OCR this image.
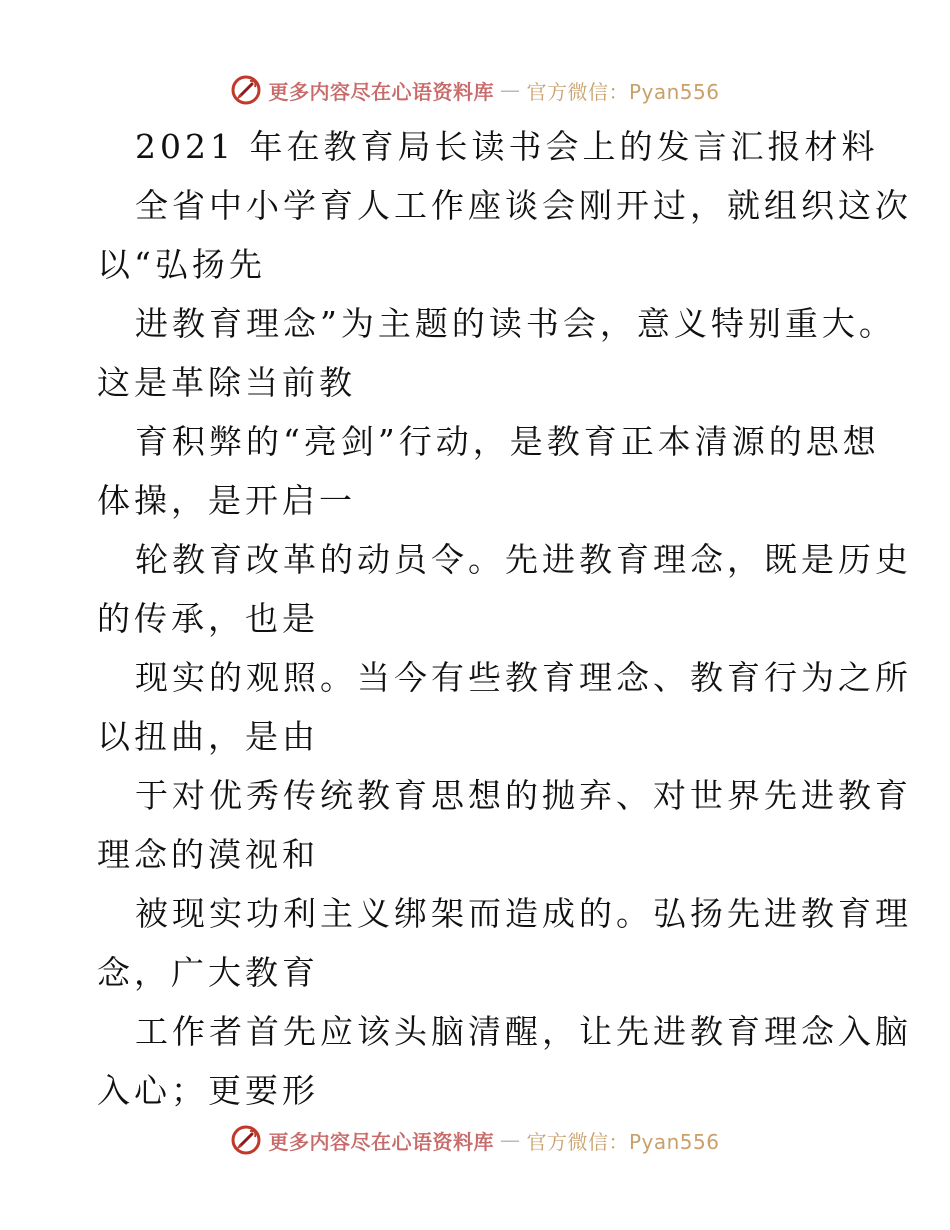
更多内容尽在心语资料库 — 官方微信：Pyan556
2021 年在教育局长读书会上的发言汇报材料
全省中小学育人工作座谈会刚开过，就组织这次
以“弘扬先
进教育理念”为主题的读书会，意义特别重大。
这是革除当前教
育积弊的“亮剑”行动，是教育正本清源的思想
体操，是开启一
轮教育改革的动员令。先进教育理念，既是历史
的传承，也是
现实的观照。当今有些教育理念、教育行为之所
以扭曲，是由
于对优秀传统教育思想的抛弃、对世界先进教育
理念的漠视和
被现实功利主义绑架而造成的。弘扬先进教育理
念，广大教育
工作者首先应该头脑清醒，让先进教育理念入脑
入心；更要形
更多内容尽在心语资料库 — 官方微信：Pyan556
